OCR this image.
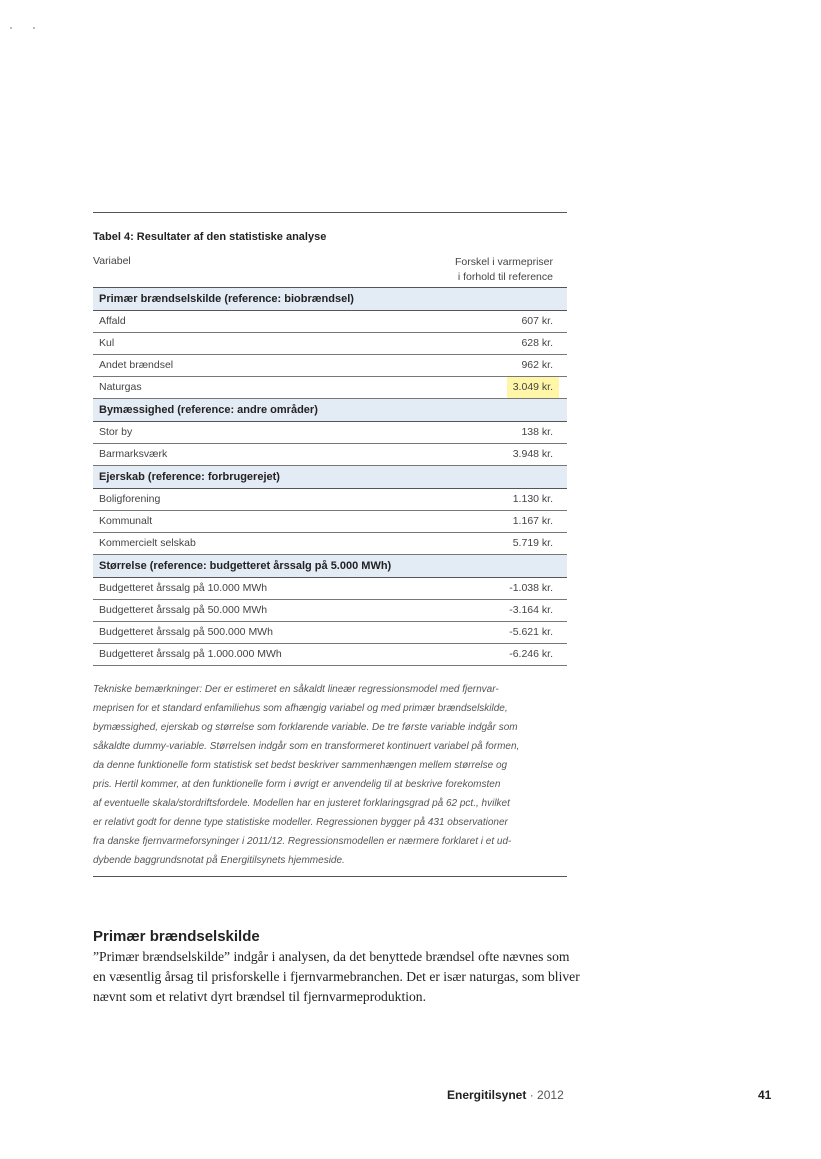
Tabel 4: Resultater af den statistiske analyse
Variabel	Forskel i varmepriser
i forhold til reference
Primær brændselskilde (reference: biobrændsel)
Affald	607 kr.
Kul	628 kr.
Andet brændsel	962 kr.
Naturgas	3.049 kr.
Bymæssighed (reference: andre områder)
Stor by	138 kr.
Barmarksværk	3.948 kr.
Ejerskab (reference: forbrugerejet)
Boligforening	1.130 kr.
Kommunalt	1.167 kr.
Kommercielt selskab	5.719 kr.
Størrelse (reference: budgetteret årssalg på 5.000 MWh)
Budgetteret årssalg på 10.000 MWh	-1.038 kr.
Budgetteret årssalg på 50.000 MWh	-3.164 kr.
Budgetteret årssalg på 500.000 MWh	-5.621 kr.
Budgetteret årssalg på 1.000.000 MWh	-6.246 kr.
Tekniske bemærkninger: Der er estimeret en såkaldt lineær regressionsmodel med fjernvar-
meprisen for et standard enfamiliehus som afhængig variabel og med primær brændselskilde,
bymæssighed, ejerskab og størrelse som forklarende variable. De tre første variable indgår som
såkaldte dummy-variable. Størrelsen indgår som en transformeret kontinuert variabel på formen,
da denne funktionelle form statistisk set bedst beskriver sammenhængen mellem størrelse og
pris. Hertil kommer, at den funktionelle form i øvrigt er anvendelig til at beskrive forekomsten
af eventuelle skala/stordriftsfordele. Modellen har en justeret forklaringsgrad på 62 pct., hvilket
er relativt godt for denne type statistiske modeller. Regressionen bygger på 431 observationer
fra danske fjernvarmeforsyninger i 2011/12. Regressionsmodellen er nærmere forklaret i et ud-
dybende baggrundsnotat på Energitilsynets hjemmeside.
Primær brændselskilde

”Primær brændselskilde” indgår i analysen, da det benyttede brændsel ofte nævnes som en væsentlig årsag til prisforskelle i fjernvarmebranchen. Det er især naturgas, som bliver nævnt som et relativt dyrt brændsel til fjernvarmeproduktion.

Energitilsynet · 2012	41
